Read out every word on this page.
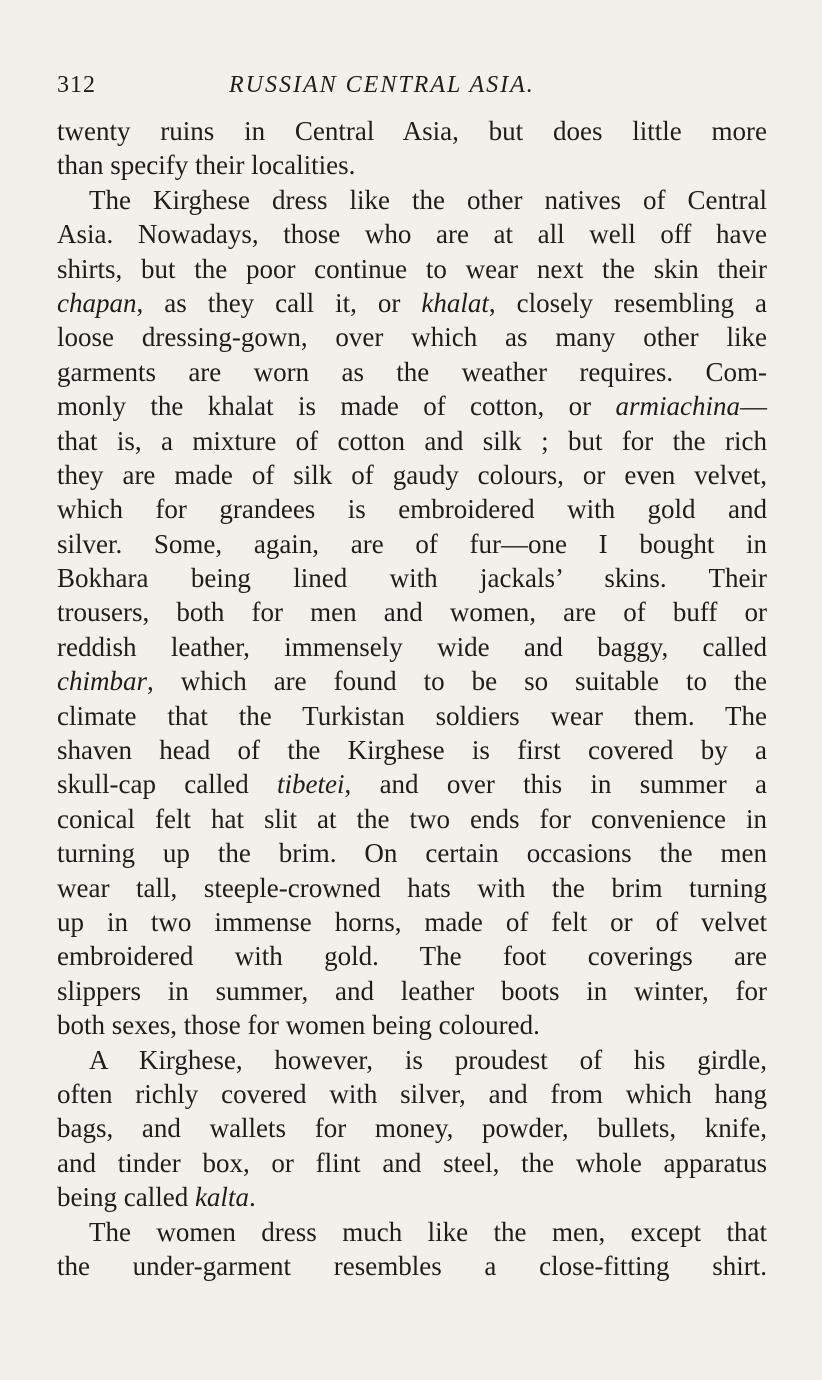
312	RUSSIAN CENTRAL ASIA.
twenty ruins in Central Asia, but does little more
than specify their localities.
The Kirghese dress like the other natives of Central
Asia. Nowadays, those who are at all well off have
shirts, but the poor continue to wear next the skin their
chapan, as they call it, or khalat, closely resembling a
loose dressing-gown, over which as many other like
garments are worn as the weather requires. Com-
monly the khalat is made of cotton, or armiachina—
that is, a mixture of cotton and silk ; but for the rich
they are made of silk of gaudy colours, or even velvet,
which for grandees is embroidered with gold and
silver. Some, again, are of fur—one I bought in
Bokhara being lined with jackals’ skins. Their
trousers, both for men and women, are of buff or
reddish leather, immensely wide and baggy, called
chimbar, which are found to be so suitable to the
climate that the Turkistan soldiers wear them. The
shaven head of the Kirghese is first covered by a
skull-cap called tibetei, and over this in summer a
conical felt hat slit at the two ends for convenience in
turning up the brim. On certain occasions the men
wear tall, steeple-crowned hats with the brim turning
up in two immense horns, made of felt or of velvet
embroidered with gold. The foot coverings are
slippers in summer, and leather boots in winter, for
both sexes, those for women being coloured.
A Kirghese, however, is proudest of his girdle,
often richly covered with silver, and from which hang
bags, and wallets for money, powder, bullets, knife,
and tinder box, or flint and steel, the whole apparatus
being called kalta.
The women dress much like the men, except that
the under-garment resembles a close-fitting shirt.
